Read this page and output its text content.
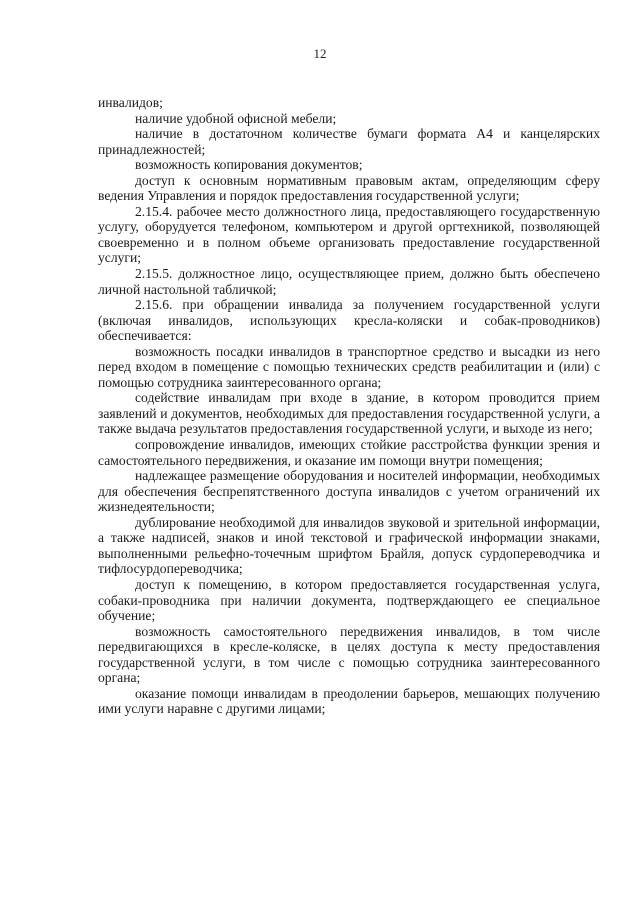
12

инвалидов;

наличие удобной офисной мебели;

наличие в достаточном количестве бумаги формата А4 и канцелярских принадлежностей;

возможность копирования документов;

доступ к основным нормативным правовым актам, определяющим сферу ведения Управления и порядок предоставления государственной услуги;

2.15.4. рабочее место должностного лица, предоставляющего государственную услугу, оборудуется телефоном, компьютером и другой оргтехникой, позволяющей своевременно и в полном объеме организовать предоставление государственной услуги;

2.15.5. должностное лицо, осуществляющее прием, должно быть обеспечено личной настольной табличкой;

2.15.6. при обращении инвалида за получением государственной услуги (включая инвалидов, использующих кресла-коляски и собак-проводников) обеспечивается:

возможность посадки инвалидов в транспортное средство и высадки из него перед входом в помещение с помощью технических средств реабилитации и (или) с помощью сотрудника заинтересованного органа;

содействие инвалидам при входе в здание, в котором проводится прием заявлений и документов, необходимых для предоставления государственной услуги, а также выдача результатов предоставления государственной услуги, и выходе из него;

сопровождение инвалидов, имеющих стойкие расстройства функции зрения и самостоятельного передвижения, и оказание им помощи внутри помещения;

надлежащее размещение оборудования и носителей информации, необходимых для обеспечения беспрепятственного доступа инвалидов с учетом ограничений их жизнедеятельности;

дублирование необходимой для инвалидов звуковой и зрительной информации, а также надписей, знаков и иной текстовой и графической информации знаками, выполненными рельефно-точечным шрифтом Брайля, допуск сурдопереводчика и тифлосурдопереводчика;

доступ к помещению, в котором предоставляется государственная услуга, собаки-проводника при наличии документа, подтверждающего ее специальное обучение;

возможность самостоятельного передвижения инвалидов, в том числе передвигающихся в кресле-коляске, в целях доступа к месту предоставления государственной услуги, в том числе с помощью сотрудника заинтересованного органа;

оказание помощи инвалидам в преодолении барьеров, мешающих получению ими услуги наравне с другими лицами;
